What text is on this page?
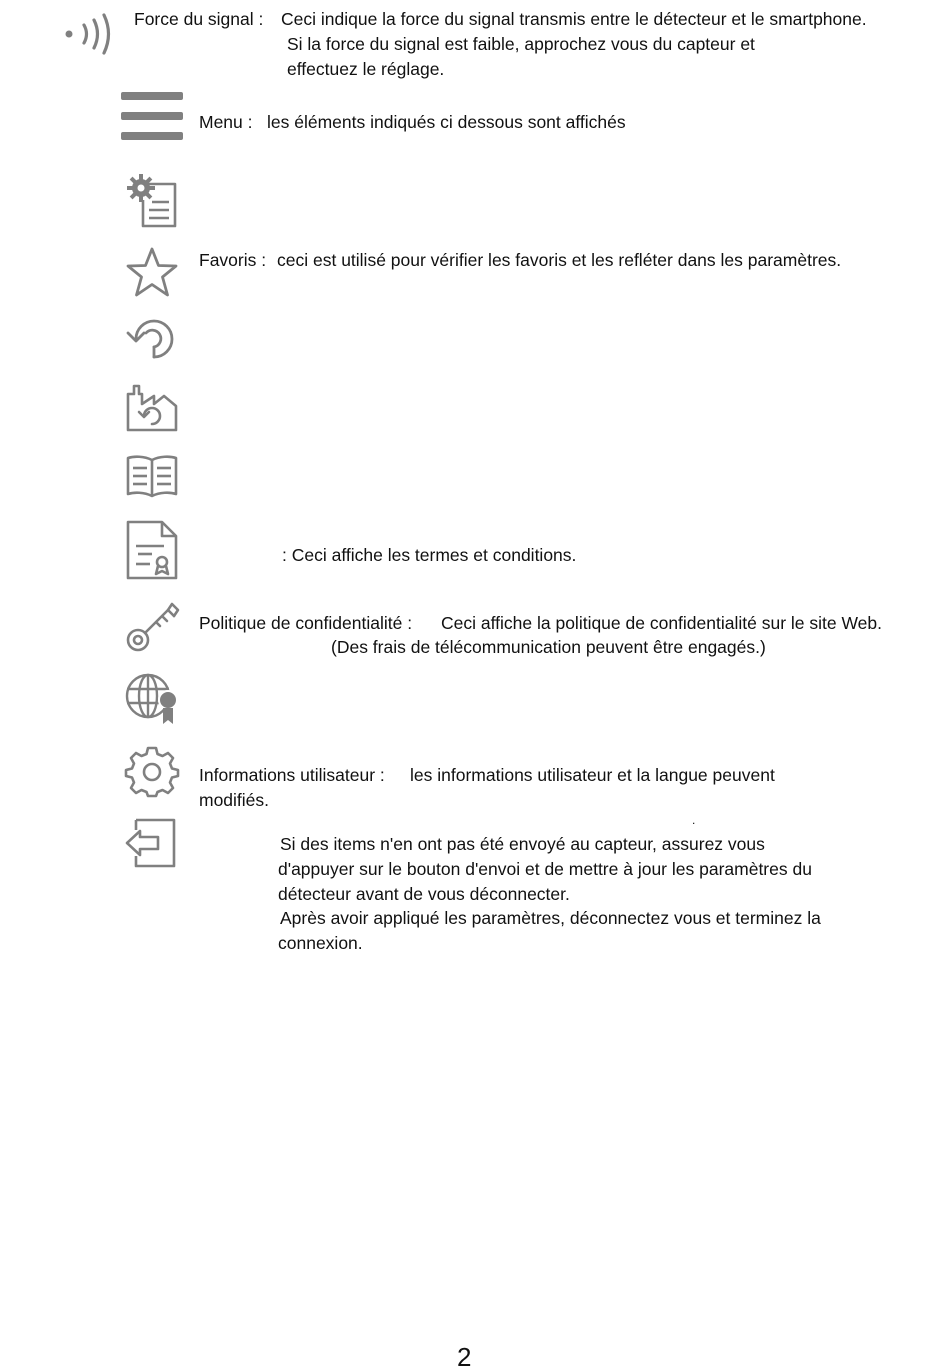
Force du signal : Ceci indique la force du signal transmis entre le détecteur et le smartphone.
Si la force du signal est faible, approchez vous du capteur et
effectuez le réglage.
Menu : les éléments indiqués ci dessous sont affichés
Favoris : ceci est utilisé pour vérifier les favoris et les refléter dans les paramètres.
: Ceci affiche les termes et conditions.
Politique de confidentialité : Ceci affiche la politique de confidentialité sur le site Web.
(Des frais de télécommunication peuvent être engagés.)
Informations utilisateur : les informations utilisateur et la langue peuvent
modifiés.
.
Si des items n'en ont pas été envoyé au capteur, assurez vous
d'appuyer sur le bouton d'envoi et de mettre à jour les paramètres du
détecteur avant de vous déconnecter.
Après avoir appliqué les paramètres, déconnectez vous et terminez la
connexion.
2
